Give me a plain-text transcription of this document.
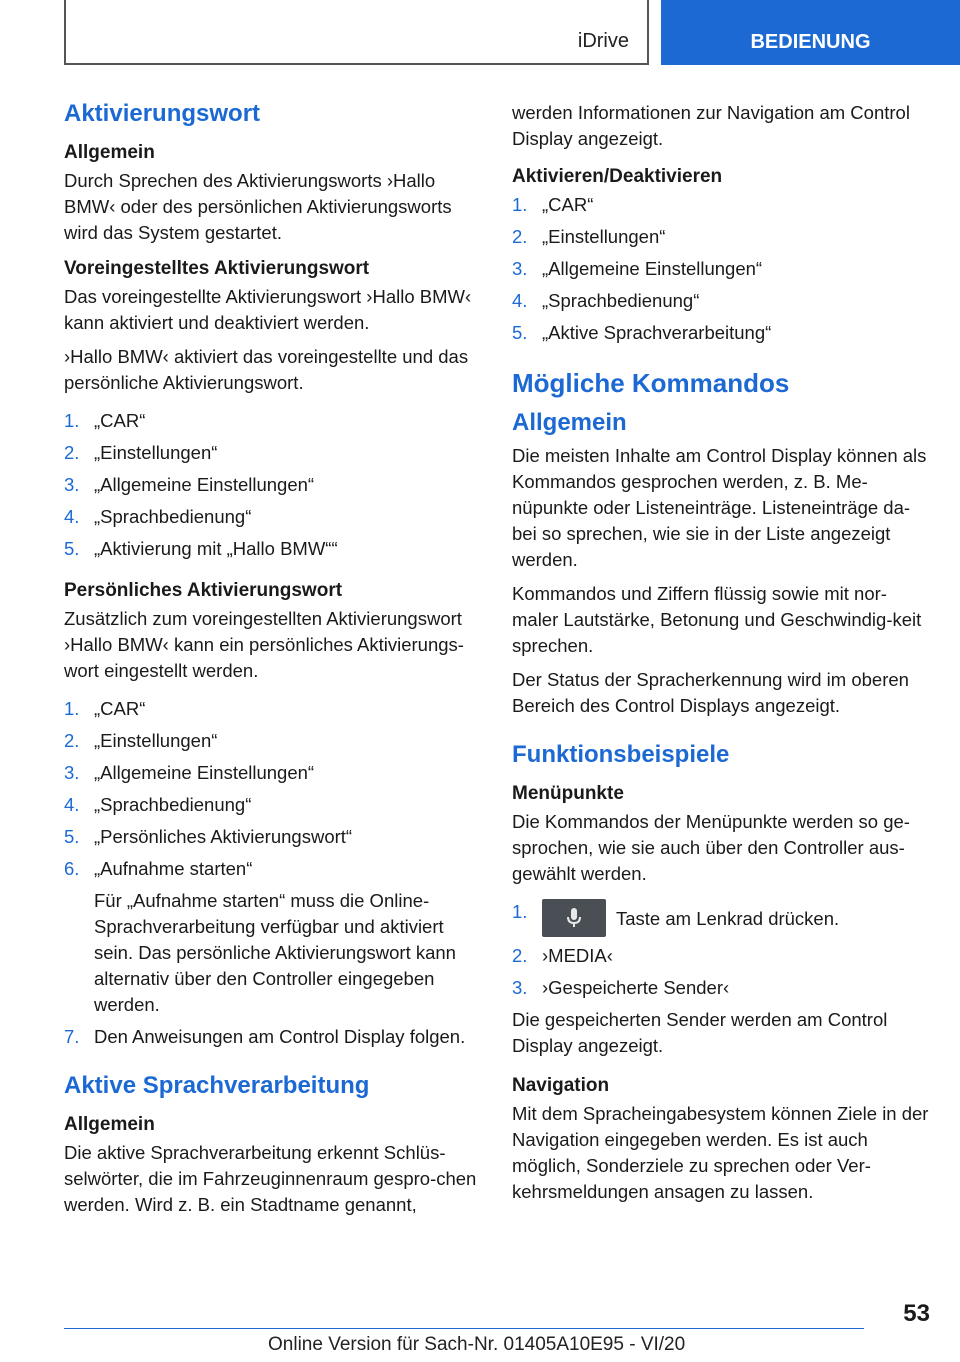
iDrive	BEDIENUNG
Aktivierungswort
Allgemein
Durch Sprechen des Aktivierungsworts ›Hallo BMW‹ oder des persönlichen Aktivierungsworts wird das System gestartet.
Voreingestelltes Aktivierungswort
Das voreingestellte Aktivierungswort ›Hallo BMW‹ kann aktiviert und deaktiviert werden.
›Hallo BMW‹ aktiviert das voreingestellte und das persönliche Aktivierungswort.
1. „CAR“
2. „Einstellungen“
3. „Allgemeine Einstellungen“
4. „Sprachbedienung“
5. „Aktivierung mit „Hallo BMW““
Persönliches Aktivierungswort
Zusätzlich zum voreingestellten Aktivierungswort ›Hallo BMW‹ kann ein persönliches Aktivierungs-wort eingestellt werden.
1. „CAR“
2. „Einstellungen“
3. „Allgemeine Einstellungen“
4. „Sprachbedienung“
5. „Persönliches Aktivierungswort“
6. „Aufnahme starten“
Für „Aufnahme starten“ muss die Online-Sprachverarbeitung verfügbar und aktiviert sein. Das persönliche Aktivierungswort kann alternativ über den Controller eingegeben werden.
7. Den Anweisungen am Control Display folgen.
Aktive Sprachverarbeitung
Allgemein
Die aktive Sprachverarbeitung erkennt Schlüs-selwörter, die im Fahrzeuginnenraum gespro-chen werden. Wird z. B. ein Stadtname genannt,
werden Informationen zur Navigation am Control Display angezeigt.
Aktivieren/Deaktivieren
1. „CAR“
2. „Einstellungen“
3. „Allgemeine Einstellungen“
4. „Sprachbedienung“
5. „Aktive Sprachverarbeitung“
Mögliche Kommandos
Allgemein
Die meisten Inhalte am Control Display können als Kommandos gesprochen werden, z. B. Me-nüpunkte oder Listeneinträge. Listeneinträge da-bei so sprechen, wie sie in der Liste angezeigt werden.
Kommandos und Ziffern flüssig sowie mit nor-maler Lautstärke, Betonung und Geschwindig-keit sprechen.
Der Status der Spracherkennung wird im oberen Bereich des Control Displays angezeigt.
Funktionsbeispiele
Menüpunkte
Die Kommandos der Menüpunkte werden so ge-sprochen, wie sie auch über den Controller aus-gewählt werden.
1.	Taste am Lenkrad drücken.
2. ›MEDIA‹
3. ›Gespeicherte Sender‹
Die gespeicherten Sender werden am Control Display angezeigt.
Navigation
Mit dem Spracheingabesystem können Ziele in der Navigation eingegeben werden. Es ist auch möglich, Sonderziele zu sprechen oder Ver-kehrsmeldungen ansagen zu lassen.
53
Online Version für Sach-Nr. 01405A10E95 - VI/20
